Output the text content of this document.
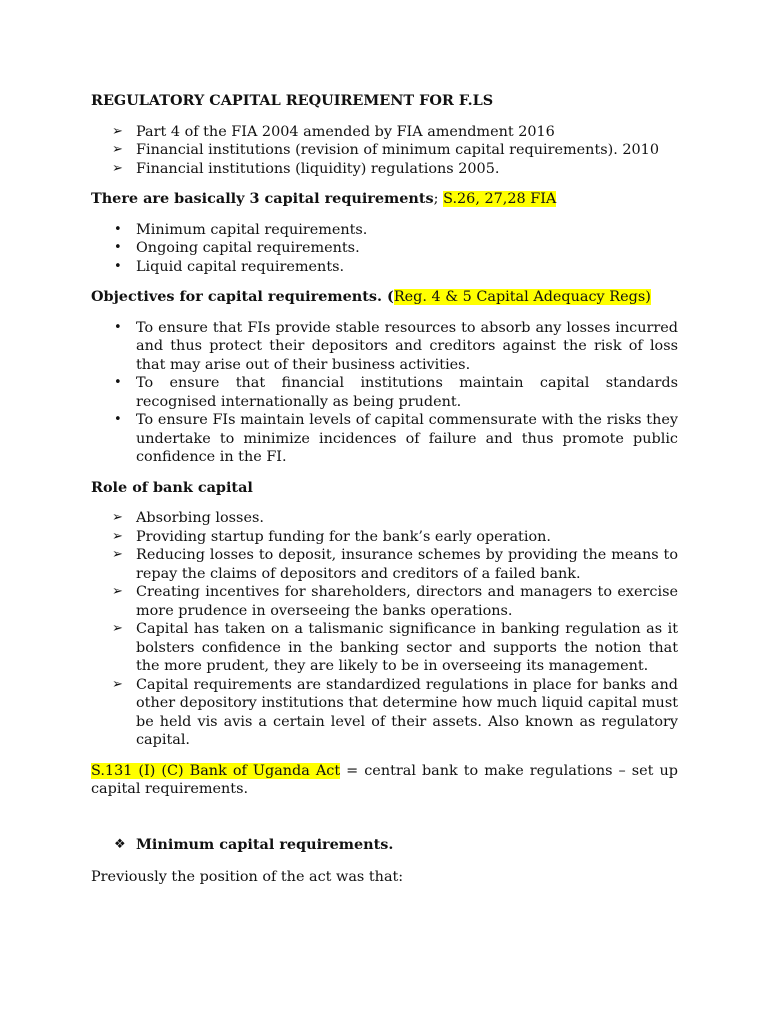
REGULATORY CAPITAL REQUIREMENT FOR F.LS

➢ Part 4 of the FIA 2004 amended by FIA amendment 2016
➢ Financial institutions (revision of minimum capital requirements). 2010
➢ Financial institutions (liquidity) regulations 2005.

There are basically 3 capital requirements; S.26, 27,28 FIA

• Minimum capital requirements.
• Ongoing capital requirements.
• Liquid capital requirements.

Objectives for capital requirements. (Reg. 4 & 5 Capital Adequacy Regs)

• To ensure that FIs provide stable resources to absorb any losses incurred and thus protect their depositors and creditors against the risk of loss that may arise out of their business activities.
• To ensure that financial institutions maintain capital standards recognised internationally as being prudent.
• To ensure FIs maintain levels of capital commensurate with the risks they undertake to minimize incidences of failure and thus promote public confidence in the FI.

Role of bank capital

➢ Absorbing losses.
➢ Providing startup funding for the bank’s early operation.
➢ Reducing losses to deposit, insurance schemes by providing the means to repay the claims of depositors and creditors of a failed bank.
➢ Creating incentives for shareholders, directors and managers to exercise more prudence in overseeing the banks operations.
➢ Capital has taken on a talismanic significance in banking regulation as it bolsters confidence in the banking sector and supports the notion that the more prudent, they are likely to be in overseeing its management.
➢ Capital requirements are standardized regulations in place for banks and other depository institutions that determine how much liquid capital must be held vis avis a certain level of their assets. Also known as regulatory capital.

S.131 (I) (C) Bank of Uganda Act = central bank to make regulations – set up capital requirements.

❖ Minimum capital requirements.

Previously the position of the act was that:
